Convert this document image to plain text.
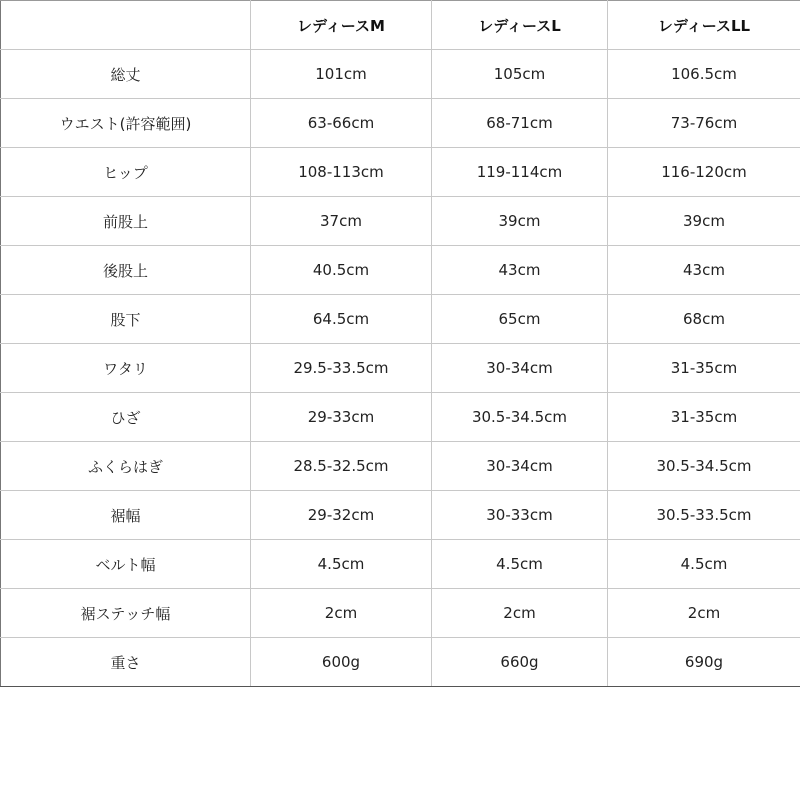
	レディースM	レディースL	レディースLL
総丈	101cm	105cm	106.5cm
ウエスト(許容範囲)	63-66cm	68-71cm	73-76cm
ヒップ	108-113cm	119-114cm	116-120cm
前股上	37cm	39cm	39cm
後股上	40.5cm	43cm	43cm
股下	64.5cm	65cm	68cm
ワタリ	29.5-33.5cm	30-34cm	31-35cm
ひざ	29-33cm	30.5-34.5cm	31-35cm
ふくらはぎ	28.5-32.5cm	30-34cm	30.5-34.5cm
裾幅	29-32cm	30-33cm	30.5-33.5cm
ベルト幅	4.5cm	4.5cm	4.5cm
裾ステッチ幅	2cm	2cm	2cm
重さ	600g	660g	690g
